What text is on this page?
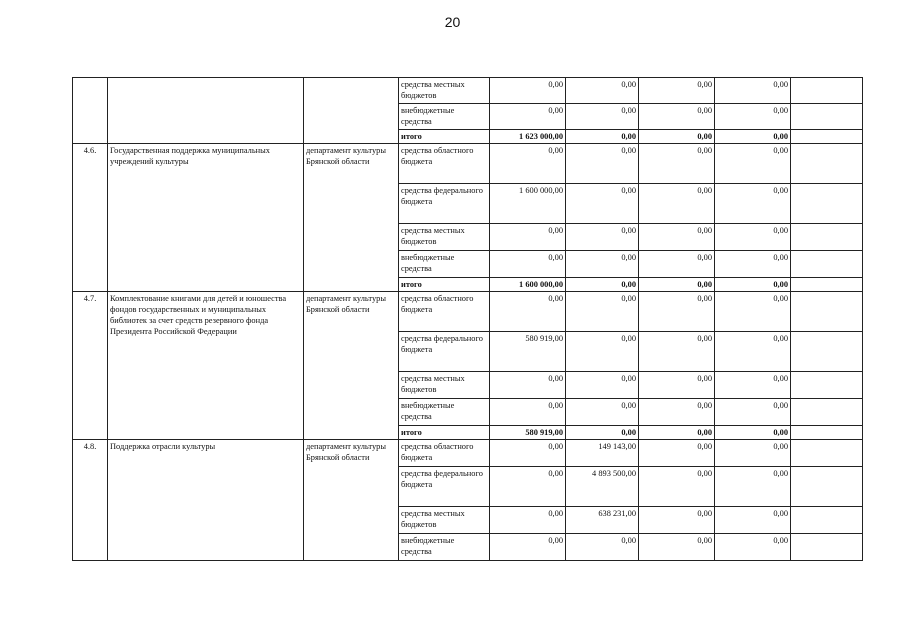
20
			средства местных бюджетов	0,00	0,00	0,00	0,00	
			внебюджетные средства	0,00	0,00	0,00	0,00	
			итого	1 623 000,00	0,00	0,00	0,00	
4.6.	Государственная поддержка муниципальных учреждений культуры	департамент культуры Брянской области	средства областного бюджета	0,00	0,00	0,00	0,00	
			средства федерального бюджета	1 600 000,00	0,00	0,00	0,00	
			средства местных бюджетов	0,00	0,00	0,00	0,00	
			внебюджетные средства	0,00	0,00	0,00	0,00	
			итого	1 600 000,00	0,00	0,00	0,00	
4.7.	Комплектование книгами для детей и юношества фондов государственных и муниципальных библиотек за счет средств резервного фонда Президента Российской Федерации	департамент культуры Брянской области	средства областного бюджета	0,00	0,00	0,00	0,00	
			средства федерального бюджета	580 919,00	0,00	0,00	0,00	
			средства местных бюджетов	0,00	0,00	0,00	0,00	
			внебюджетные средства	0,00	0,00	0,00	0,00	
			итого	580 919,00	0,00	0,00	0,00	
4.8.	Поддержка отрасли культуры	департамент культуры Брянской области	средства областного бюджета	0,00	149 143,00	0,00	0,00	
			средства федерального бюджета	0,00	4 893 500,00	0,00	0,00	
			средства местных бюджетов	0,00	638 231,00	0,00	0,00	
			внебюджетные средства	0,00	0,00	0,00	0,00	
